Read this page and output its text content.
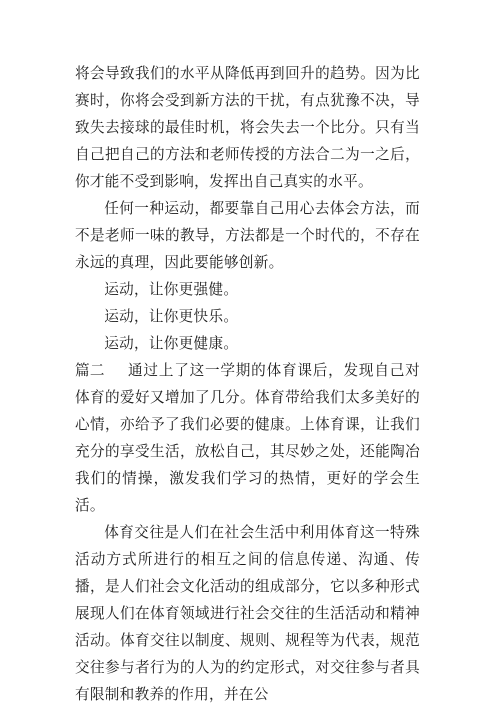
将会导致我们的水平从降低再到回升的趋势。因为比赛时，你将会受到新方法的干扰，有点犹豫不决，导致失去接球的最佳时机，将会失去一个比分。只有当自己把自己的方法和老师传授的方法合二为一之后，你才能不受到影响，发挥出自己真实的水平。

任何一种运动，都要靠自己用心去体会方法，而不是老师一味的教导，方法都是一个时代的，不存在永远的真理，因此要能够创新。

运动，让你更强健。

运动，让你更快乐。

运动，让你更健康。

篇二 通过上了这一学期的体育课后，发现自己对体育的爱好又增加了几分。体育带给我们太多美好的心情，亦给予了我们必要的健康。上体育课，让我们充分的享受生活，放松自己，其尽妙之处，还能陶冶我们的情操，激发我们学习的热情，更好的学会生活。

体育交往是人们在社会生活中利用体育这一特殊活动方式所进行的相互之间的信息传递、沟通、传播，是人们社会文化活动的组成部分，它以多种形式展现人们在体育领域进行社会交往的生活活动和精神活动。体育交往以制度、规则、规程等为代表，规范交往参与者行为的人为的约定形式，对交往参与者具有限制和教养的作用，并在公
